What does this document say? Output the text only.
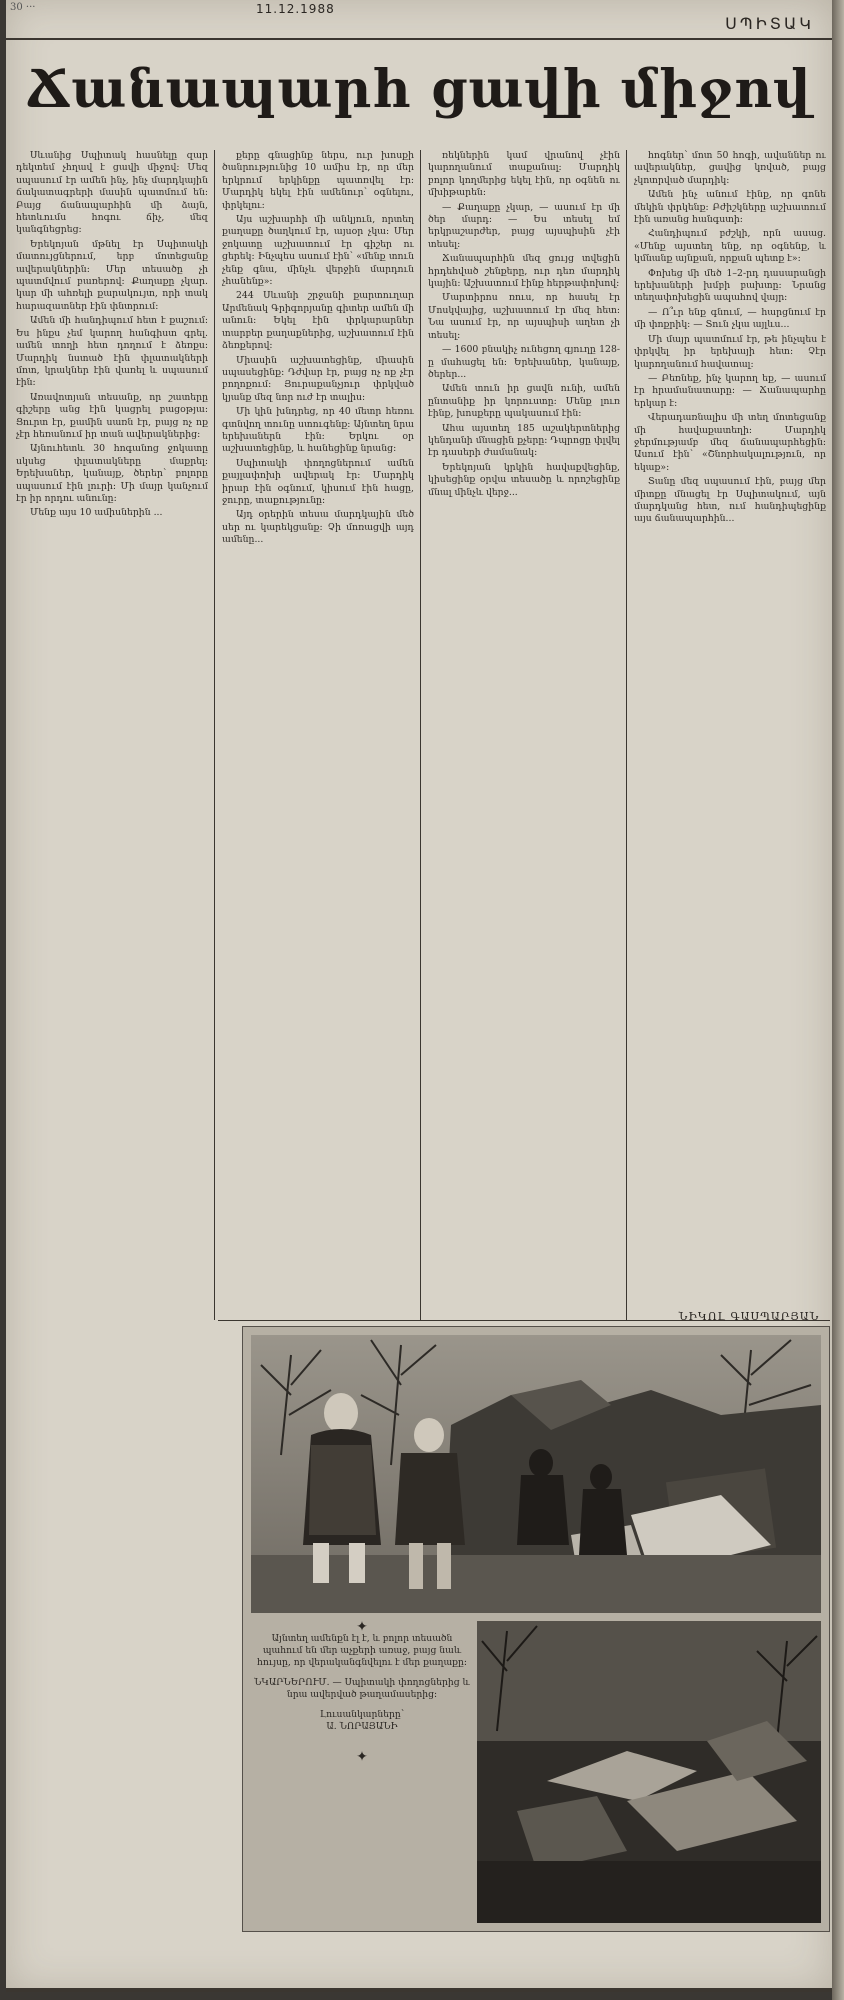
30 ···	11.12.1988
ՍՊԻՏԱԿ
Ճանապարհ ցավի միջով

Սևանից Սպիտակ հասնելը զար դեկտեմ չհղավ է ցավի միջով: Մեզ սպասում էր ամեն ինչ, ինչ մարդկային ճակատագրերի մասին պատմում են: Բայց ճանապարհին մի ձայն, հետևումս հոգու ճիչ, մեզ կանգնեցրեց:

Երեկոյան մթնել էր Սպիտակի մատույցներում, երբ մոտեցանք ավերակներին: Մեր տեսածը չի պատմվում բառերով: Քաղաքը չկար. կար մի ահռելի քարակույտ, որի տակ հարազատներ էին փնտրում:

Ամեն մի հանդիպում հետ է քաշում: Ես ինքս չեմ կարող հանգիստ գրել. ամեն տողի հետ դողում է ձեռքս: Մարդիկ նստած էին փլատակների մոտ, կրակներ էին վառել և սպասում էին:

Առավոտյան տեսանք, որ շատերը գիշերը անց էին կացրել բացօթյա: Ցուրտ էր, քամին սառն էր, բայց ոչ ոք չէր հեռանում իր տան ավերակներից:

Այնուհետև 30 հոգանոց ջոկատը սկսեց փլատակները մաքրել: Երեխաներ, կանայք, ծերեր՝ բոլորը սպասում էին լուրի: Մի մայր կանչում էր իր որդու անունը:

Մենք այս 10 ամիսներին ...

քերը գնացինք ներս, ուր խոսքի ծանրությունից 10 ամիս էր, որ մեր երկրում երկինքը պատռվել էր: Մարդիկ եկել էին ամենուր՝ օգնելու, փրկելու:

Այս աշխարհի մի անկյուն, որտեղ քաղաքը ծաղկում էր, այսօր չկա: Մեր ջոկատը աշխատում էր գիշեր ու ցերեկ: Ինչպես ասում էին՝ «մենք տուն չենք գնա, մինչև վերջին մարդուն չհանենք»:

244 Սևանի շրջանի քարտուղար Արմենակ Գրիգորյանը գիտեր ամեն մի անուն: Եկել էին փրկարարներ տարբեր քաղաքներից, աշխատում էին ձեռքերով:

Միասին աշխատեցինք, միասին սպասեցինք: Դժվար էր, բայց ոչ ոք չէր բողոքում: Յուրաքանչյուր փրկված կյանք մեզ նոր ուժ էր տալիս:

Մի կին խնդրեց, որ 40 մետր հեռու գտնվող տունը ստուգենք: Այնտեղ նրա երեխաներն էին: Երկու օր աշխատեցինք, և հանեցինք նրանց:

Սպիտակի փողոցներում ամեն քայլափոխի ավերակ էր: Մարդիկ իրար էին օգնում, կիսում էին հացը, ջուրը, տաքությունը:

Այդ օրերին տեսա մարդկային մեծ սեր ու կարեկցանք: Չի մոռացվի այդ ամենը...

ռեկներին կամ վրանով չէին կարողանում տաքանալ: Մարդիկ բոլոր կողմերից եկել էին, որ օգնեն ու մխիթարեն:

— Քաղաքը չկար, — ասում էր մի ծեր մարդ: — Ես տեսել եմ երկրաշարժեր, բայց այսպիսին չէի տեսել:

Ճանապարհին մեզ ցույց տվեցին հրդեհված շենքերը, ուր դեռ մարդիկ կային: Աշխատում էինք հերթափոխով:

Մարտիրոս ռուս, որ հասել էր Մոսկվայից, աշխատում էր մեզ հետ: Նա ասում էր, որ այսպիսի աղետ չի տեսել:

— 1600 բնակիչ ունեցող գյուղը 128-ը մահացել են: Երեխաներ, կանայք, ծերեր...

Ամեն տուն իր ցավն ունի, ամեն ընտանիք իր կորուստը: Մենք լուռ էինք, խոսքերը պակասում էին:

Ահա այստեղ 185 աշակերտներից կենդանի մնացին քչերը: Դպրոցը փլվել էր դասերի ժամանակ:

Երեկոյան կրկին հավաքվեցինք, կիսեցինք օրվա տեսածը և որոշեցինք մնալ մինչև վերջ...

հոգներ՝ մոտ 50 հոգի, ավաններ ու ավերակներ, ցավից կռված, բայց չկոտրված մարդիկ:

Ամեն ինչ անում էինք, որ գոնե մեկին փրկենք: Բժիշկները աշխատում էին առանց հանգստի:

Հանդիպում բժշկի, որն ասաց. «Մենք այստեղ ենք, որ օգնենք, և կմնանք այնքան, որքան պետք է»:

Փոխեց մի մեծ 1–2-րդ դասարանցի երեխաների խմբի բախտը: Նրանց տեղափոխեցին ապահով վայր:

— Ո՞ւր ենք գնում, — հարցնում էր մի փոքրիկ: — Տուն չկա այլևս...

Մի մայր պատմում էր, թե ինչպես է փրկվել իր երեխայի հետ: Չէր կարողանում հավատալ:

— Բեռնեք, ինչ կարող եք, — ասում էր հրամանատարը: — Ճանապարհը երկար է:

Վերադառնալիս մի տեղ մոտեցանք մի հավաքատեղի: Մարդիկ ջերմությամբ մեզ ճանապարհեցին: Ասում էին՝ «Շնորհակալություն, որ եկաք»:

Տանը մեզ սպասում էին, բայց մեր միտքը մնացել էր Սպիտակում, այն մարդկանց հետ, ում հանդիպեցինք այս ճանապարհին...

ՆԻԿՈԼ ԳԱՍՊԱՐՅԱՆ
✦

Այնտեղ ամենքն էլ է, և բոլոր տեսածն պահում են մեր աչքերի առաջ, բայց նաև հույսը, որ վերականգնվելու է մեր քաղաքը:

ՆԿԱՐՆԵՐՈՒՄ. — Սպիտակի փողոցներից և նրա ավերված թաղամասերից:

Լուսանկարները՝
Ա. ՆՈՐԱՅԱՆԻ
✦
